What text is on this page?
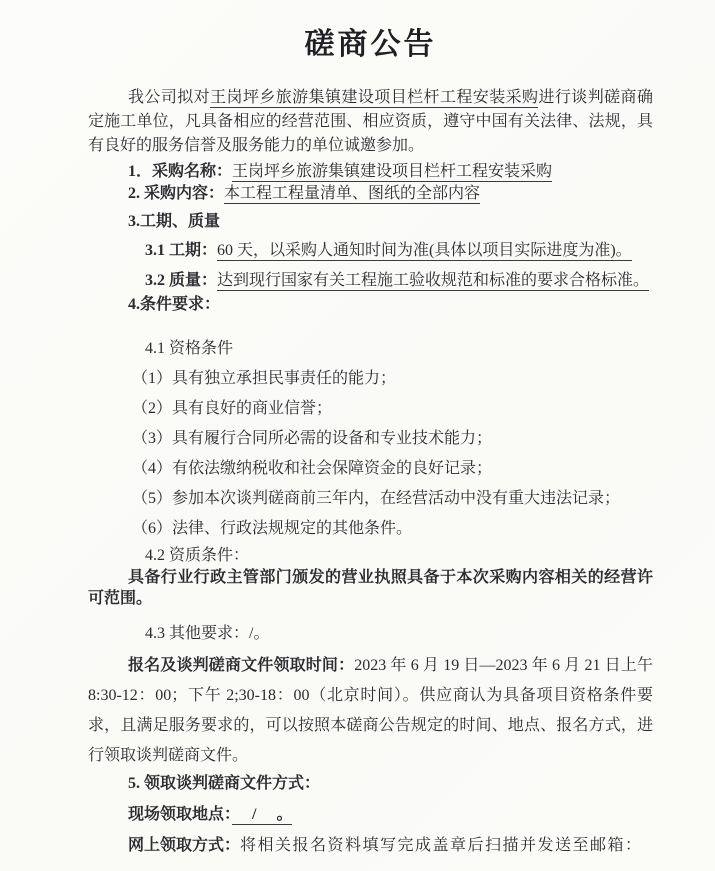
磋商公告

我公司拟对王岗坪乡旅游集镇建设项目栏杆工程安装采购进行谈判磋商确定施工单位，凡具备相应的经营范围、相应资质，遵守中国有关法律、法规，具有良好的服务信誉及服务能力的单位诚邀参加。

1．采购名称：王岗坪乡旅游集镇建设项目栏杆工程安装采购

2. 采购内容：本工程工程量清单、图纸的全部内容

3.工期、质量

3.1 工期：60 天，以采购人通知时间为准(具体以项目实际进度为准)。

3.2 质量：达到现行国家有关工程施工验收规范和标准的要求合格标准。

4.条件要求：

4.1 资格条件

（1）具有独立承担民事责任的能力；

（2）具有良好的商业信誉；

（3）具有履行合同所必需的设备和专业技术能力；

（4）有依法缴纳税收和社会保障资金的良好记录；

（5）参加本次谈判磋商前三年内，在经营活动中没有重大违法记录；

（6）法律、行政法规规定的其他条件。

4.2 资质条件：

具备行业行政主管部门颁发的营业执照具备于本次采购内容相关的经营许可范围。

4.3 其他要求：/。

报名及谈判磋商文件领取时间：2023 年 6 月 19 日—2023 年 6 月 21 日上午 8:30-12：00；下午 2;30-18：00（北京时间）。供应商认为具备项目资格条件要求，且满足服务要求的，可以按照本磋商公告规定的时间、地点、报名方式，进行领取谈判磋商文件。

5. 领取谈判磋商文件方式：

现场领取地点：　 / 　。

网上领取方式：将相关报名资料填写完成盖章后扫描并发送至邮箱：
